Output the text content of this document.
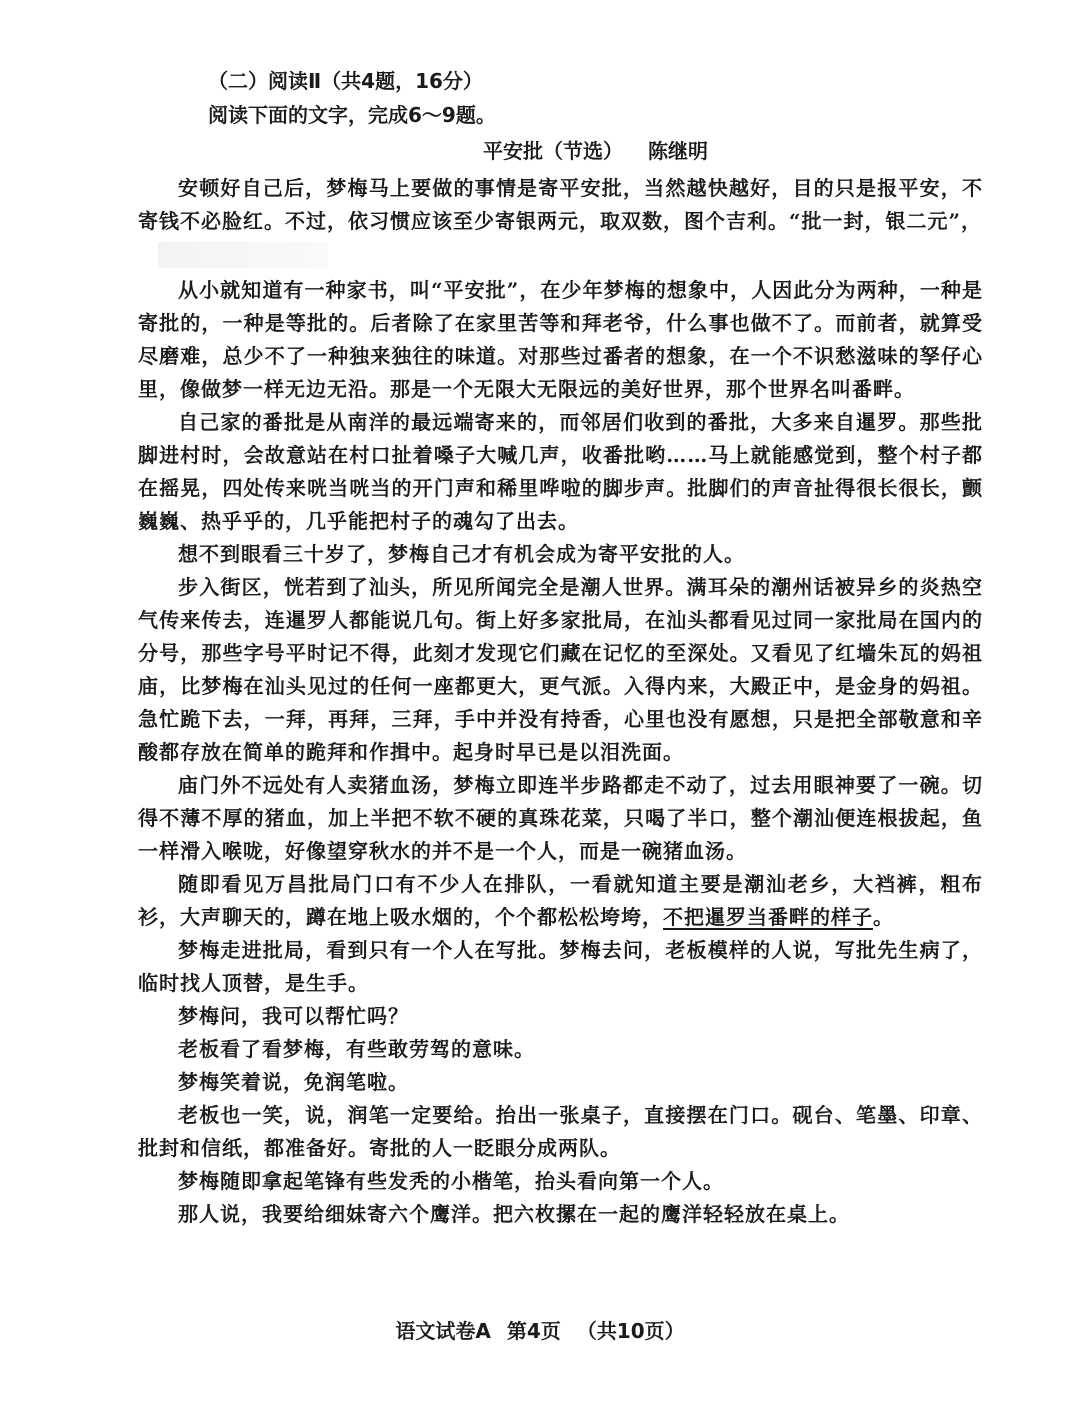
（二）阅读Ⅱ（共4题，16分）

阅读下面的文字，完成6～9题。

平安批（节选） 陈继明

安顿好自己后，梦梅马上要做的事情是寄平安批，当然越快越好，目的只是报平安，不寄钱不必脸红。不过，依习惯应该至少寄银两元，取双数，图个吉利。“批一封，银二元”，

从小就知道有一种家书，叫“平安批”，在少年梦梅的想象中，人因此分为两种，一种是寄批的，一种是等批的。后者除了在家里苦等和拜老爷，什么事也做不了。而前者，就算受尽磨难，总少不了一种独来独往的味道。对那些过番者的想象，在一个不识愁滋味的孥仔心里，像做梦一样无边无沿。那是一个无限大无限远的美好世界，那个世界名叫番畔。

自己家的番批是从南洋的最远端寄来的，而邻居们收到的番批，大多来自暹罗。那些批脚进村时，会故意站在村口扯着嗓子大喊几声，收番批哟……马上就能感觉到，整个村子都在摇晃，四处传来咣当咣当的开门声和稀里哗啦的脚步声。批脚们的声音扯得很长很长，颤巍巍、热乎乎的，几乎能把村子的魂勾了出去。

想不到眼看三十岁了，梦梅自己才有机会成为寄平安批的人。

步入街区，恍若到了汕头，所见所闻完全是潮人世界。满耳朵的潮州话被异乡的炎热空气传来传去，连暹罗人都能说几句。街上好多家批局，在汕头都看见过同一家批局在国内的分号，那些字号平时记不得，此刻才发现它们藏在记忆的至深处。又看见了红墙朱瓦的妈祖庙，比梦梅在汕头见过的任何一座都更大，更气派。入得内来，大殿正中，是金身的妈祖。急忙跪下去，一拜，再拜，三拜，手中并没有持香，心里也没有愿想，只是把全部敬意和辛酸都存放在简单的跪拜和作揖中。起身时早已是以泪洗面。

庙门外不远处有人卖猪血汤，梦梅立即连半步路都走不动了，过去用眼神要了一碗。切得不薄不厚的猪血，加上半把不软不硬的真珠花菜，只喝了半口，整个潮汕便连根拔起，鱼一样滑入喉咙，好像望穿秋水的并不是一个人，而是一碗猪血汤。

随即看见万昌批局门口有不少人在排队，一看就知道主要是潮汕老乡，大裆裤，粗布衫，大声聊天的，蹲在地上吸水烟的，个个都松松垮垮，不把暹罗当番畔的样子。

梦梅走进批局，看到只有一个人在写批。梦梅去问，老板模样的人说，写批先生病了，临时找人顶替，是生手。

梦梅问，我可以帮忙吗？

老板看了看梦梅，有些敢劳驾的意味。

梦梅笑着说，免润笔啦。

老板也一笑，说，润笔一定要给。抬出一张桌子，直接摆在门口。砚台、笔墨、印章、批封和信纸，都准备好。寄批的人一眨眼分成两队。

梦梅随即拿起笔锋有些发秃的小楷笔，抬头看向第一个人。

那人说，我要给细妹寄六个鹰洋。把六枚摞在一起的鹰洋轻轻放在桌上。

语文试卷A 第4页 （共10页）
